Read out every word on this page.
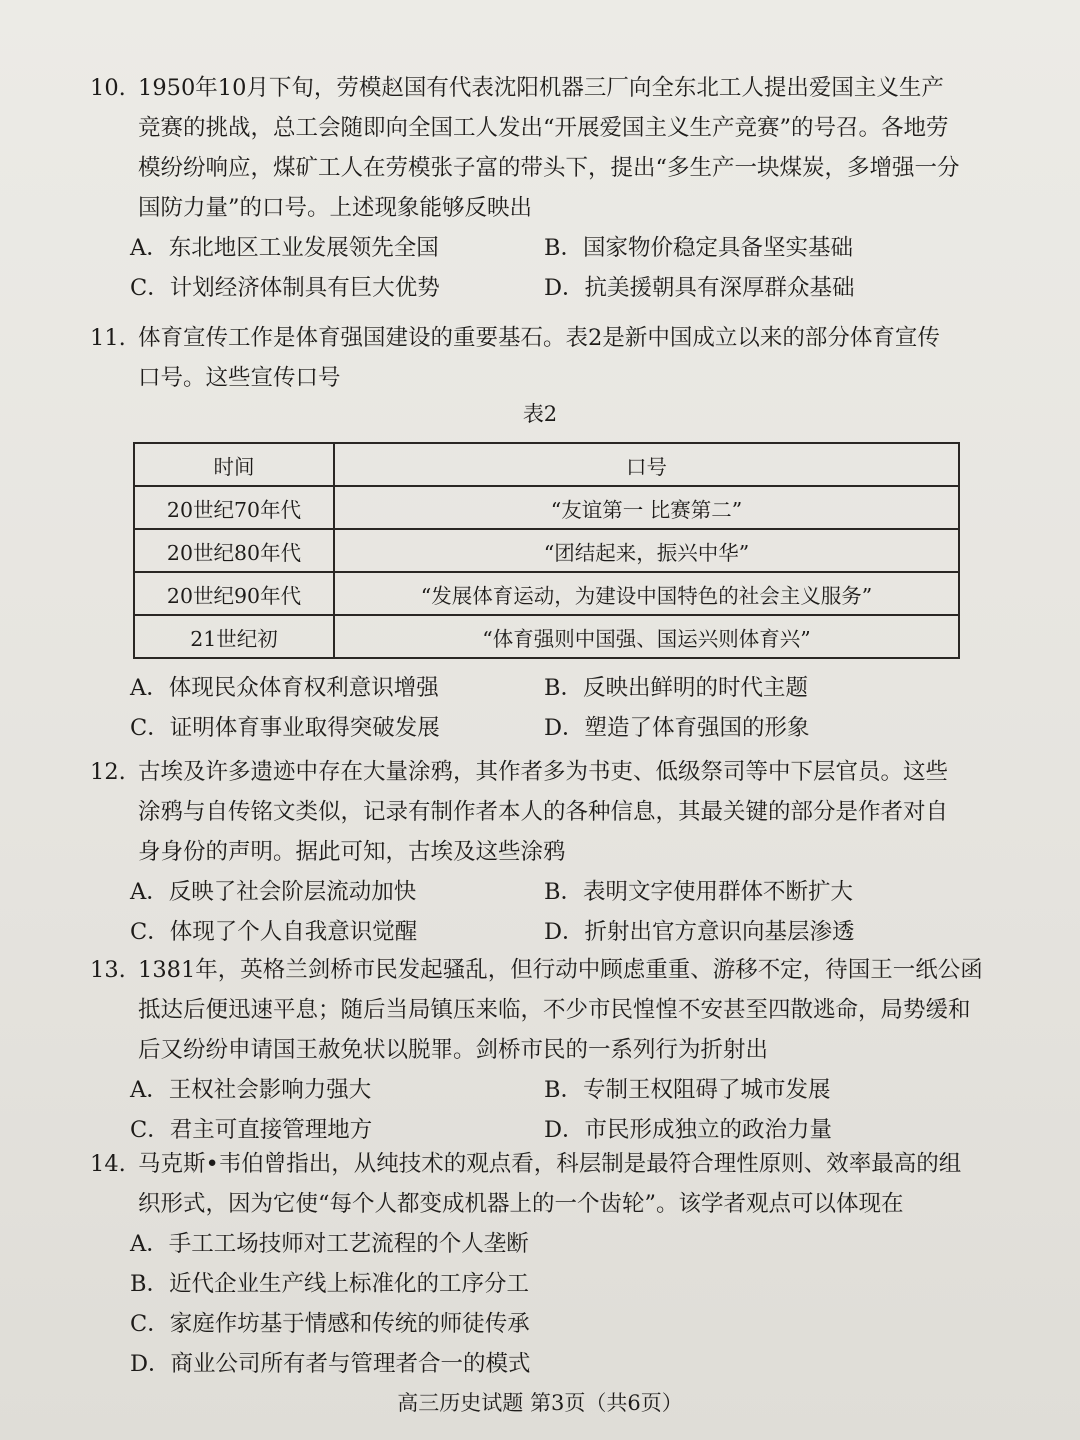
10. 1950年10月下旬，劳模赵国有代表沈阳机器三厂向全东北工人提出爱国主义生产
竞赛的挑战，总工会随即向全国工人发出“开展爱国主义生产竞赛”的号召。各地劳
模纷纷响应，煤矿工人在劳模张子富的带头下，提出“多生产一块煤炭，多增强一分
国防力量”的口号。上述现象能够反映出
A．东北地区工业发展领先全国	B．国家物价稳定具备坚实基础
C．计划经济体制具有巨大优势	D．抗美援朝具有深厚群众基础
11. 体育宣传工作是体育强国建设的重要基石。表2是新中国成立以来的部分体育宣传
口号。这些宣传口号
表2
时间	口号
20世纪70年代	“友谊第一 比赛第二”
20世纪80年代	“团结起来，振兴中华”
20世纪90年代	“发展体育运动，为建设中国特色的社会主义服务”
21世纪初	“体育强则中国强、国运兴则体育兴”
A．体现民众体育权利意识增强	B．反映出鲜明的时代主题
C．证明体育事业取得突破发展	D．塑造了体育强国的形象
12. 古埃及许多遗迹中存在大量涂鸦，其作者多为书吏、低级祭司等中下层官员。这些
涂鸦与自传铭文类似，记录有制作者本人的各种信息，其最关键的部分是作者对自
身身份的声明。据此可知，古埃及这些涂鸦
A．反映了社会阶层流动加快	B．表明文字使用群体不断扩大
C．体现了个人自我意识觉醒	D．折射出官方意识向基层渗透
13. 1381年，英格兰剑桥市民发起骚乱，但行动中顾虑重重、游移不定，待国王一纸公函
抵达后便迅速平息；随后当局镇压来临，不少市民惶惶不安甚至四散逃命，局势缓和
后又纷纷申请国王赦免状以脱罪。剑桥市民的一系列行为折射出
A．王权社会影响力强大	B．专制王权阻碍了城市发展
C．君主可直接管理地方	D．市民形成独立的政治力量
14. 马克斯•韦伯曾指出，从纯技术的观点看，科层制是最符合理性原则、效率最高的组
织形式，因为它使“每个人都变成机器上的一个齿轮”。该学者观点可以体现在
A．手工工场技师对工艺流程的个人垄断
B．近代企业生产线上标准化的工序分工
C．家庭作坊基于情感和传统的师徒传承
D．商业公司所有者与管理者合一的模式
高三历史试题 第3页（共6页）
